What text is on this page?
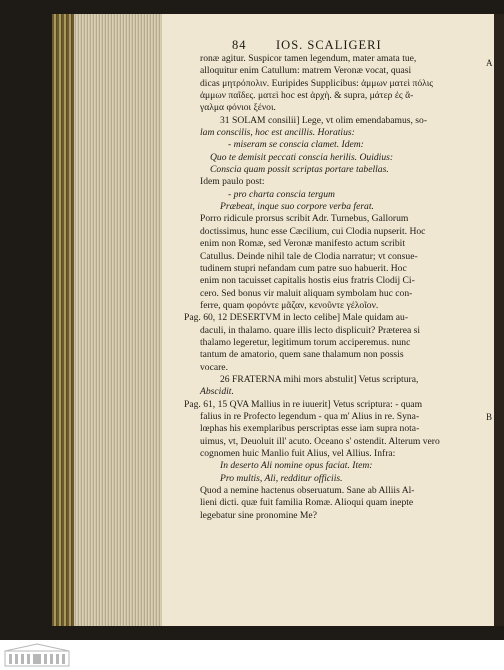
84	IOS. SCALIGERI
A
B

ronæ agitur. Suspicor tamen legendum, mater amata tue,

alloquitur enim Catullum: matrem Veronæ vocat, quasi

dicas μητρόπολιν. Euripides Supplicibus: ἀμμων ματεὶ πόλις

ἀμμων παῖδες. ματεὶ hoc est ἀρχὴ. & supra, μάτερ ἐς ἄ-

γαλμα φόνιοι ξένοι.

31 SOLAM consilii] Lege, vt olim emendabamus, so-

lam conscilis, hoc est ancillis. Horatius:

- miseram se conscia clamet. Idem:

Quo te demisit peccati conscia herilis. Ouidius:

Conscia quam possit scriptas portare tabellas.

Idem paulo post:

- pro charta conscia tergum

Præbeat, inque suo corpore verba ferat.

Porro ridicule prorsus scribit Adr. Turnebus, Gallorum

doctissimus, hunc esse Cæcilium, cui Clodia nupserit. Hoc

enim non Romæ, sed Veronæ manifesto actum scribit

Catullus. Deinde nihil tale de Clodia narratur; vt consue-

tudinem stupri nefandam cum patre suo habuerit. Hoc

enim non tacuisset capitalis hostis eius fratris Clodij Ci-

cero. Sed bonus vir maluit aliquam symbolam huc con-

ferre, quam φορόντε μᾶζαν, κενοῦντε γέλοῖον.

Pag. 60, 12 DESERTVM in lecto celibe] Male quidam au-

daculi, in thalamo. quare illis lecto displicuit? Præterea si

thalamo legeretur, legitimum torum acciperemus. nunc

tantum de amatorio, quem sane thalamum non possis

vocare.

26 FRATERNA mihi mors abstulit] Vetus scriptura,

Abscidit.

Pag. 61, 15 QVA Mallius in re iuuerit] Vetus scriptura: - quam

falius in re Profecto legendum - qua m' Alius in re. Syna-

lœphas his exemplaribus perscriptas esse iam supra nota-

uimus, vt, Deuoluit ill' acuto. Oceano s' ostendit. Alterum vero

cognomen huic Manlio fuit Alius, vel Allius. Infra:

In deserto Ali nomine opus faciat. Item:

Pro multis, Ali, redditur officiis.

Quod a nemine hactenus obseruatum. Sane ab Alliis Al-

lieni dicti. quæ fuit familia Romæ. Alioqui quam inepte

legebatur sine pronomine Me?
